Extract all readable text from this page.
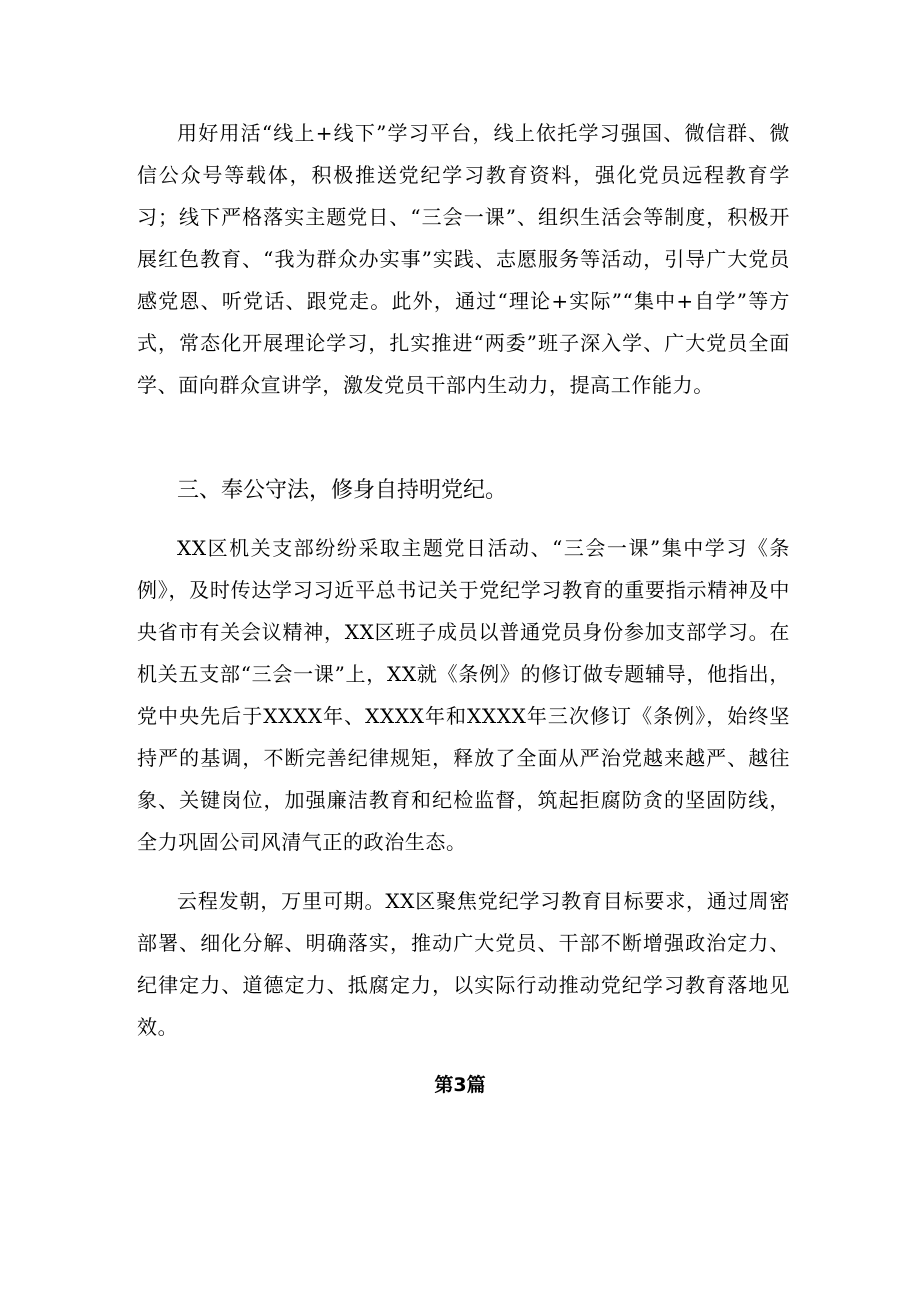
用好用活“线上+线下”学习平台，线上依托学习强国、微信群、微信公众号等载体，积极推送党纪学习教育资料，强化党员远程教育学习；线下严格落实主题党日、“三会一课”、组织生活会等制度，积极开展红色教育、“我为群众办实事”实践、志愿服务等活动，引导广大党员感党恩、听党话、跟党走。此外，通过“理论+实际”“集中+自学”等方式，常态化开展理论学习，扎实推进“两委”班子深入学、广大党员全面学、面向群众宣讲学，激发党员干部内生动力，提高工作能力。

三、奉公守法，修身自持明党纪。

XX区机关支部纷纷采取主题党日活动、“三会一课”集中学习《条例》，及时传达学习习近平总书记关于党纪学习教育的重要指示精神及中央省市有关会议精神，XX区班子成员以普通党员身份参加支部学习。在机关五支部“三会一课”上，XX就《条例》的修订做专题辅导，他指出，党中央先后于XXXX年、XXXX年和XXXX年三次修订《条例》，始终坚持严的基调，不断完善纪律规矩，释放了全面从严治党越来越严、越往象、关键岗位，加强廉洁教育和纪检监督，筑起拒腐防贪的坚固防线，全力巩固公司风清气正的政治生态。

云程发朝，万里可期。XX区聚焦党纪学习教育目标要求，通过周密部署、细化分解、明确落实，推动广大党员、干部不断增强政治定力、纪律定力、道德定力、抵腐定力，以实际行动推动党纪学习教育落地见效。

第3篇
